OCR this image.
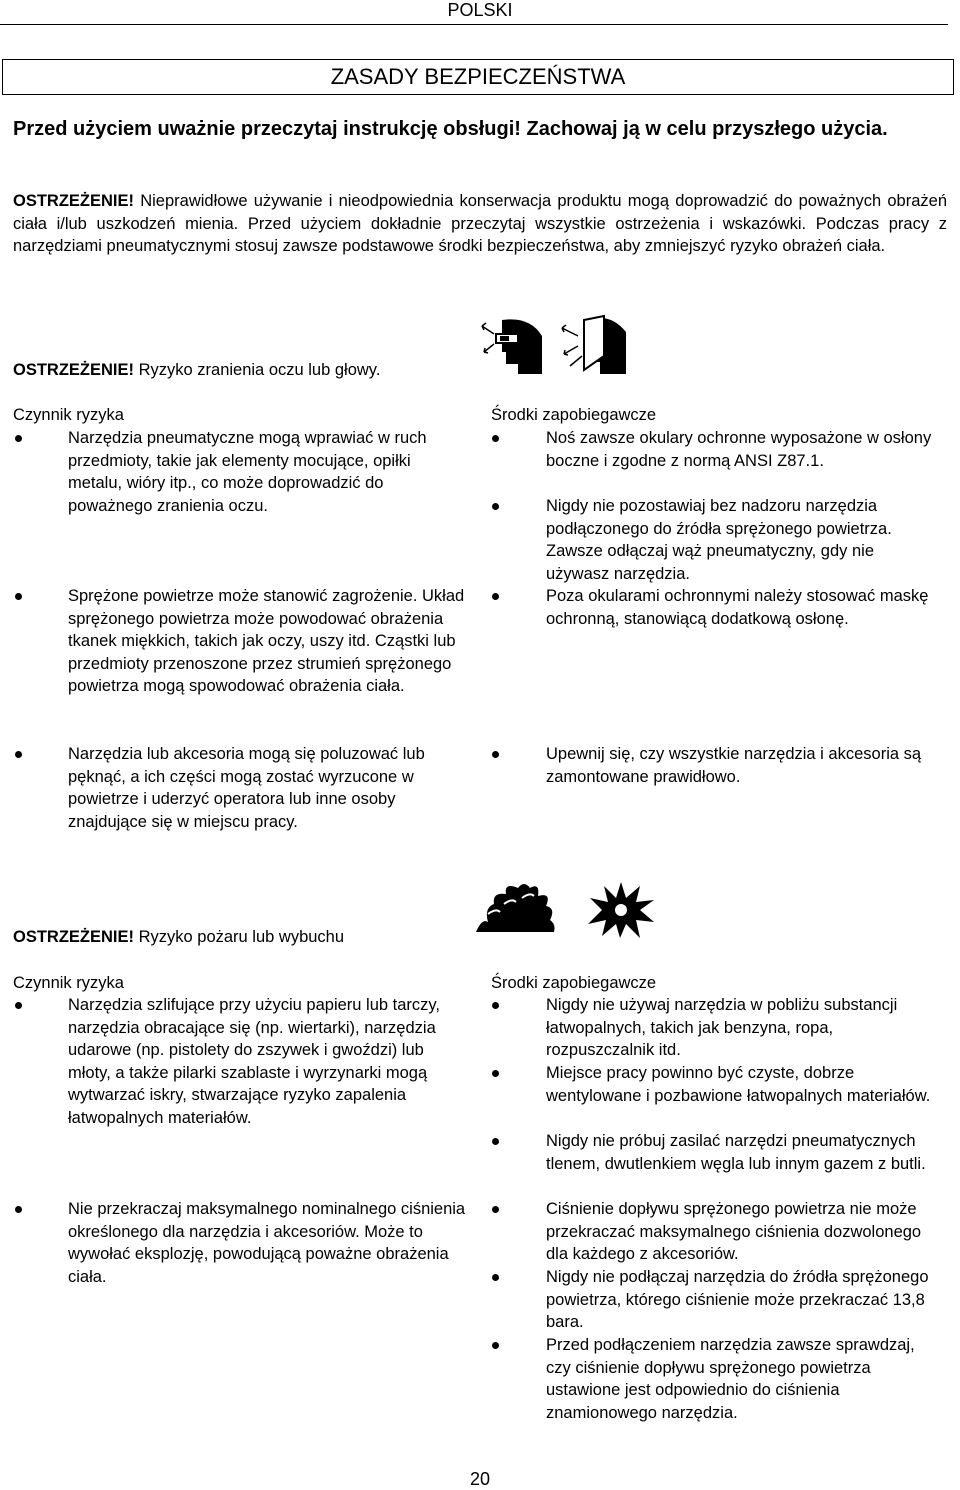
POLSKI
ZASADY BEZPIECZEŃSTWA
Przed użyciem uważnie przeczytaj instrukcję obsługi! Zachowaj ją w celu przyszłego użycia.
OSTRZEŻENIE! Nieprawidłowe używanie i nieodpowiednia konserwacja produktu mogą doprowadzić do poważnych obrażeń ciała i/lub uszkodzeń mienia. Przed użyciem dokładnie przeczytaj wszystkie ostrzeżenia i wskazówki. Podczas pracy z narzędziami pneumatycznymi stosuj zawsze podstawowe środki bezpieczeństwa, aby zmniejszyć ryzyko obrażeń ciała.
OSTRZEŻENIE! Ryzyko zranienia oczu lub głowy.
Czynnik ryzyka	Środki zapobiegawcze
Narzędzia pneumatyczne mogą wprawiać w ruch przedmioty, takie jak elementy mocujące, opiłki metalu, wióry itp., co może doprowadzić do poważnego zranienia oczu.
Sprężone powietrze może stanowić zagrożenie. Układ sprężonego powietrza może powodować obrażenia tkanek miękkich, takich jak oczy, uszy itd. Cząstki lub przedmioty przenoszone przez strumień sprężonego powietrza mogą spowodować obrażenia ciała.
Narzędzia lub akcesoria mogą się poluzować lub pęknąć, a ich części mogą zostać wyrzucone w powietrze i uderzyć operatora lub inne osoby znajdujące się w miejscu pracy.
Noś zawsze okulary ochronne wyposażone w osłony boczne i zgodne z normą ANSI Z87.1.
Nigdy nie pozostawiaj bez nadzoru narzędzia podłączonego do źródła sprężonego powietrza. Zawsze odłączaj wąż pneumatyczny, gdy nie używasz narzędzia.
Poza okularami ochronnymi należy stosować maskę ochronną, stanowiącą dodatkową osłonę.
Upewnij się, czy wszystkie narzędzia i akcesoria są zamontowane prawidłowo.
OSTRZEŻENIE! Ryzyko pożaru lub wybuchu
Czynnik ryzyka	Środki zapobiegawcze
Narzędzia szlifujące przy użyciu papieru lub tarczy, narzędzia obracające się (np. wiertarki), narzędzia udarowe (np. pistolety do zszywek i gwoździ) lub młoty, a także pilarki szablaste i wyrzynarki mogą wytwarzać iskry, stwarzające ryzyko zapalenia łatwopalnych materiałów.
Nie przekraczaj maksymalnego nominalnego ciśnienia określonego dla narzędzia i akcesoriów. Może to wywołać eksplozję, powodującą poważne obrażenia ciała.
Nigdy nie używaj narzędzia w pobliżu substancji łatwopalnych, takich jak benzyna, ropa, rozpuszczalnik itd.
Miejsce pracy powinno być czyste, dobrze wentylowane i pozbawione łatwopalnych materiałów.
Nigdy nie próbuj zasilać narzędzi pneumatycznych tlenem, dwutlenkiem węgla lub innym gazem z butli.
Ciśnienie dopływu sprężonego powietrza nie może przekraczać maksymalnego ciśnienia dozwolonego dla każdego z akcesoriów.
Nigdy nie podłączaj narzędzia do źródła sprężonego powietrza, którego ciśnienie może przekraczać 13,8 bara.
Przed podłączeniem narzędzia zawsze sprawdzaj, czy ciśnienie dopływu sprężonego powietrza ustawione jest odpowiednio do ciśnienia znamionowego narzędzia.
20
